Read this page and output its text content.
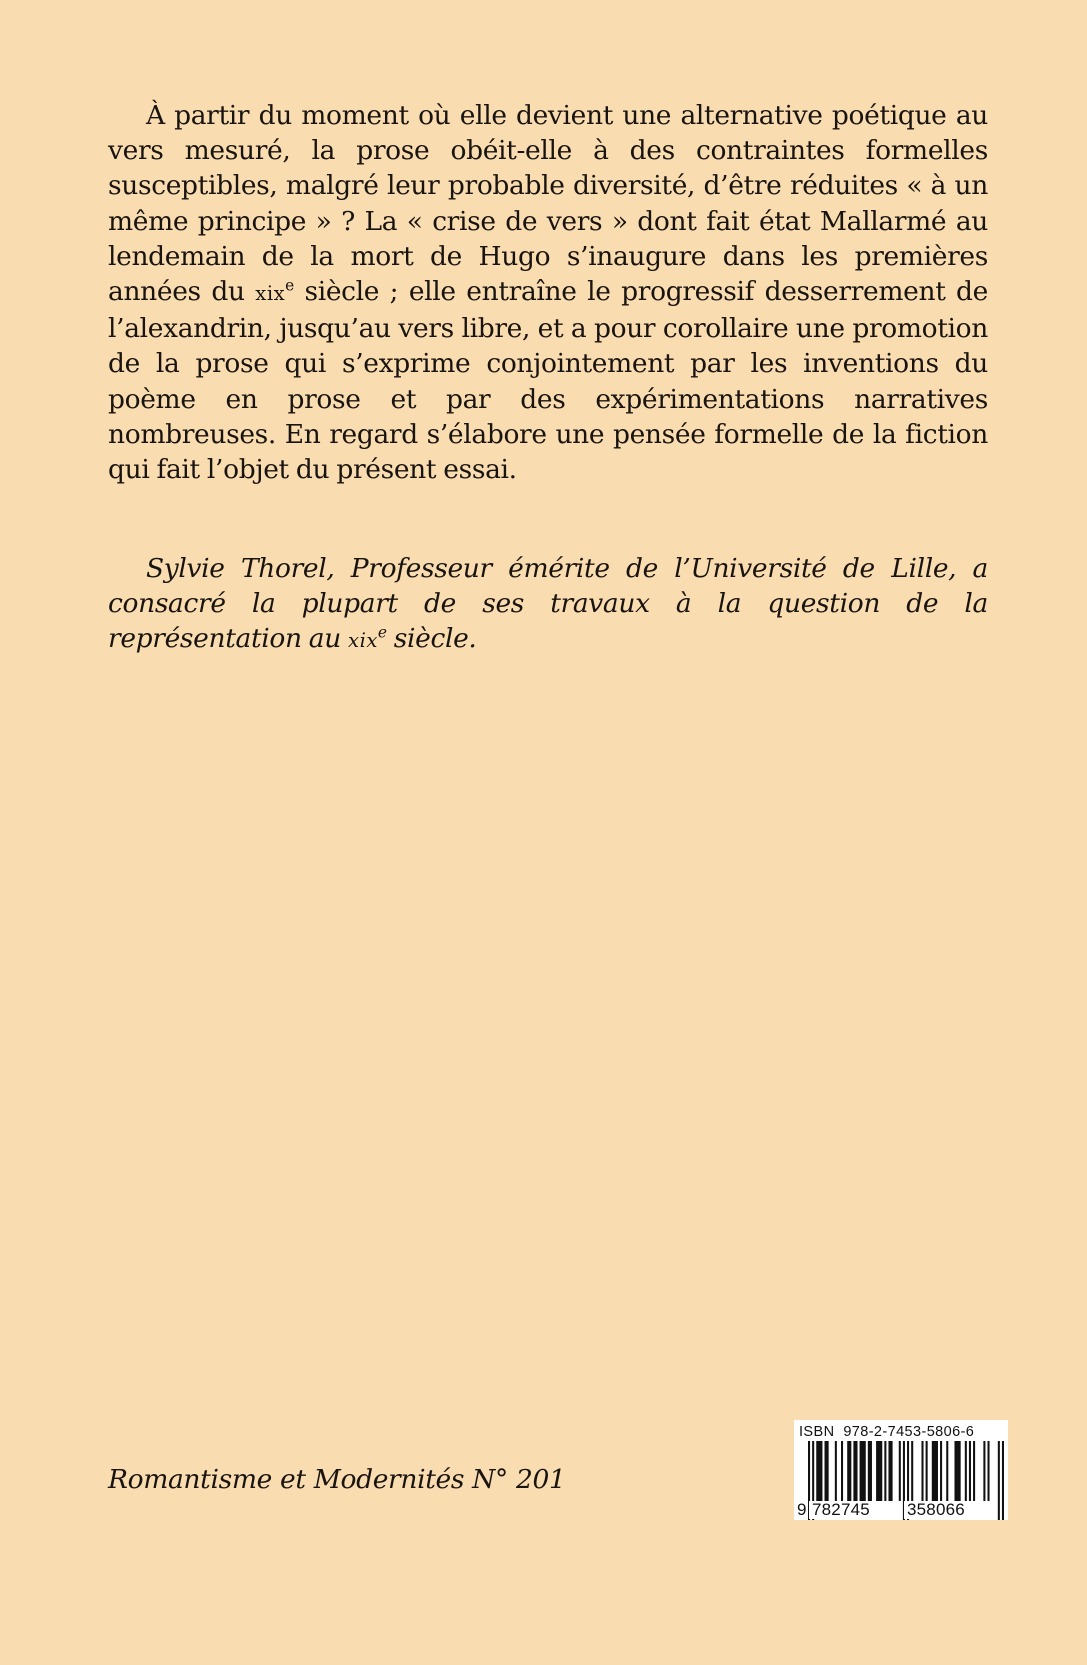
À partir du moment où elle devient une alternative poétique au vers mesuré, la prose obéit-elle à des contraintes formelles susceptibles, malgré leur probable diversité, d’être réduites « à un même principe » ? La « crise de vers » dont fait état Mallarmé au lendemain de la mort de Hugo s’inaugure dans les premières années du xix$^e$ siècle ; elle entraîne le progressif desserrement de l’alexandrin, jusqu’au vers libre, et a pour corollaire une promotion de la prose qui s’exprime conjointement par les inventions du poème en prose et par des expérimentations narratives nombreuses. En regard s’élabore une pensée formelle de la fiction qui fait l’objet du présent essai.

Sylvie Thorel, Professeur émérite de l’Université de Lille, a consacré la plupart de ses travaux à la question de la représentation au xix$^e$ siècle.

Romantisme et Modernités N° 201

ISBN 978-2-7453-5806-6
9 782745 358066
